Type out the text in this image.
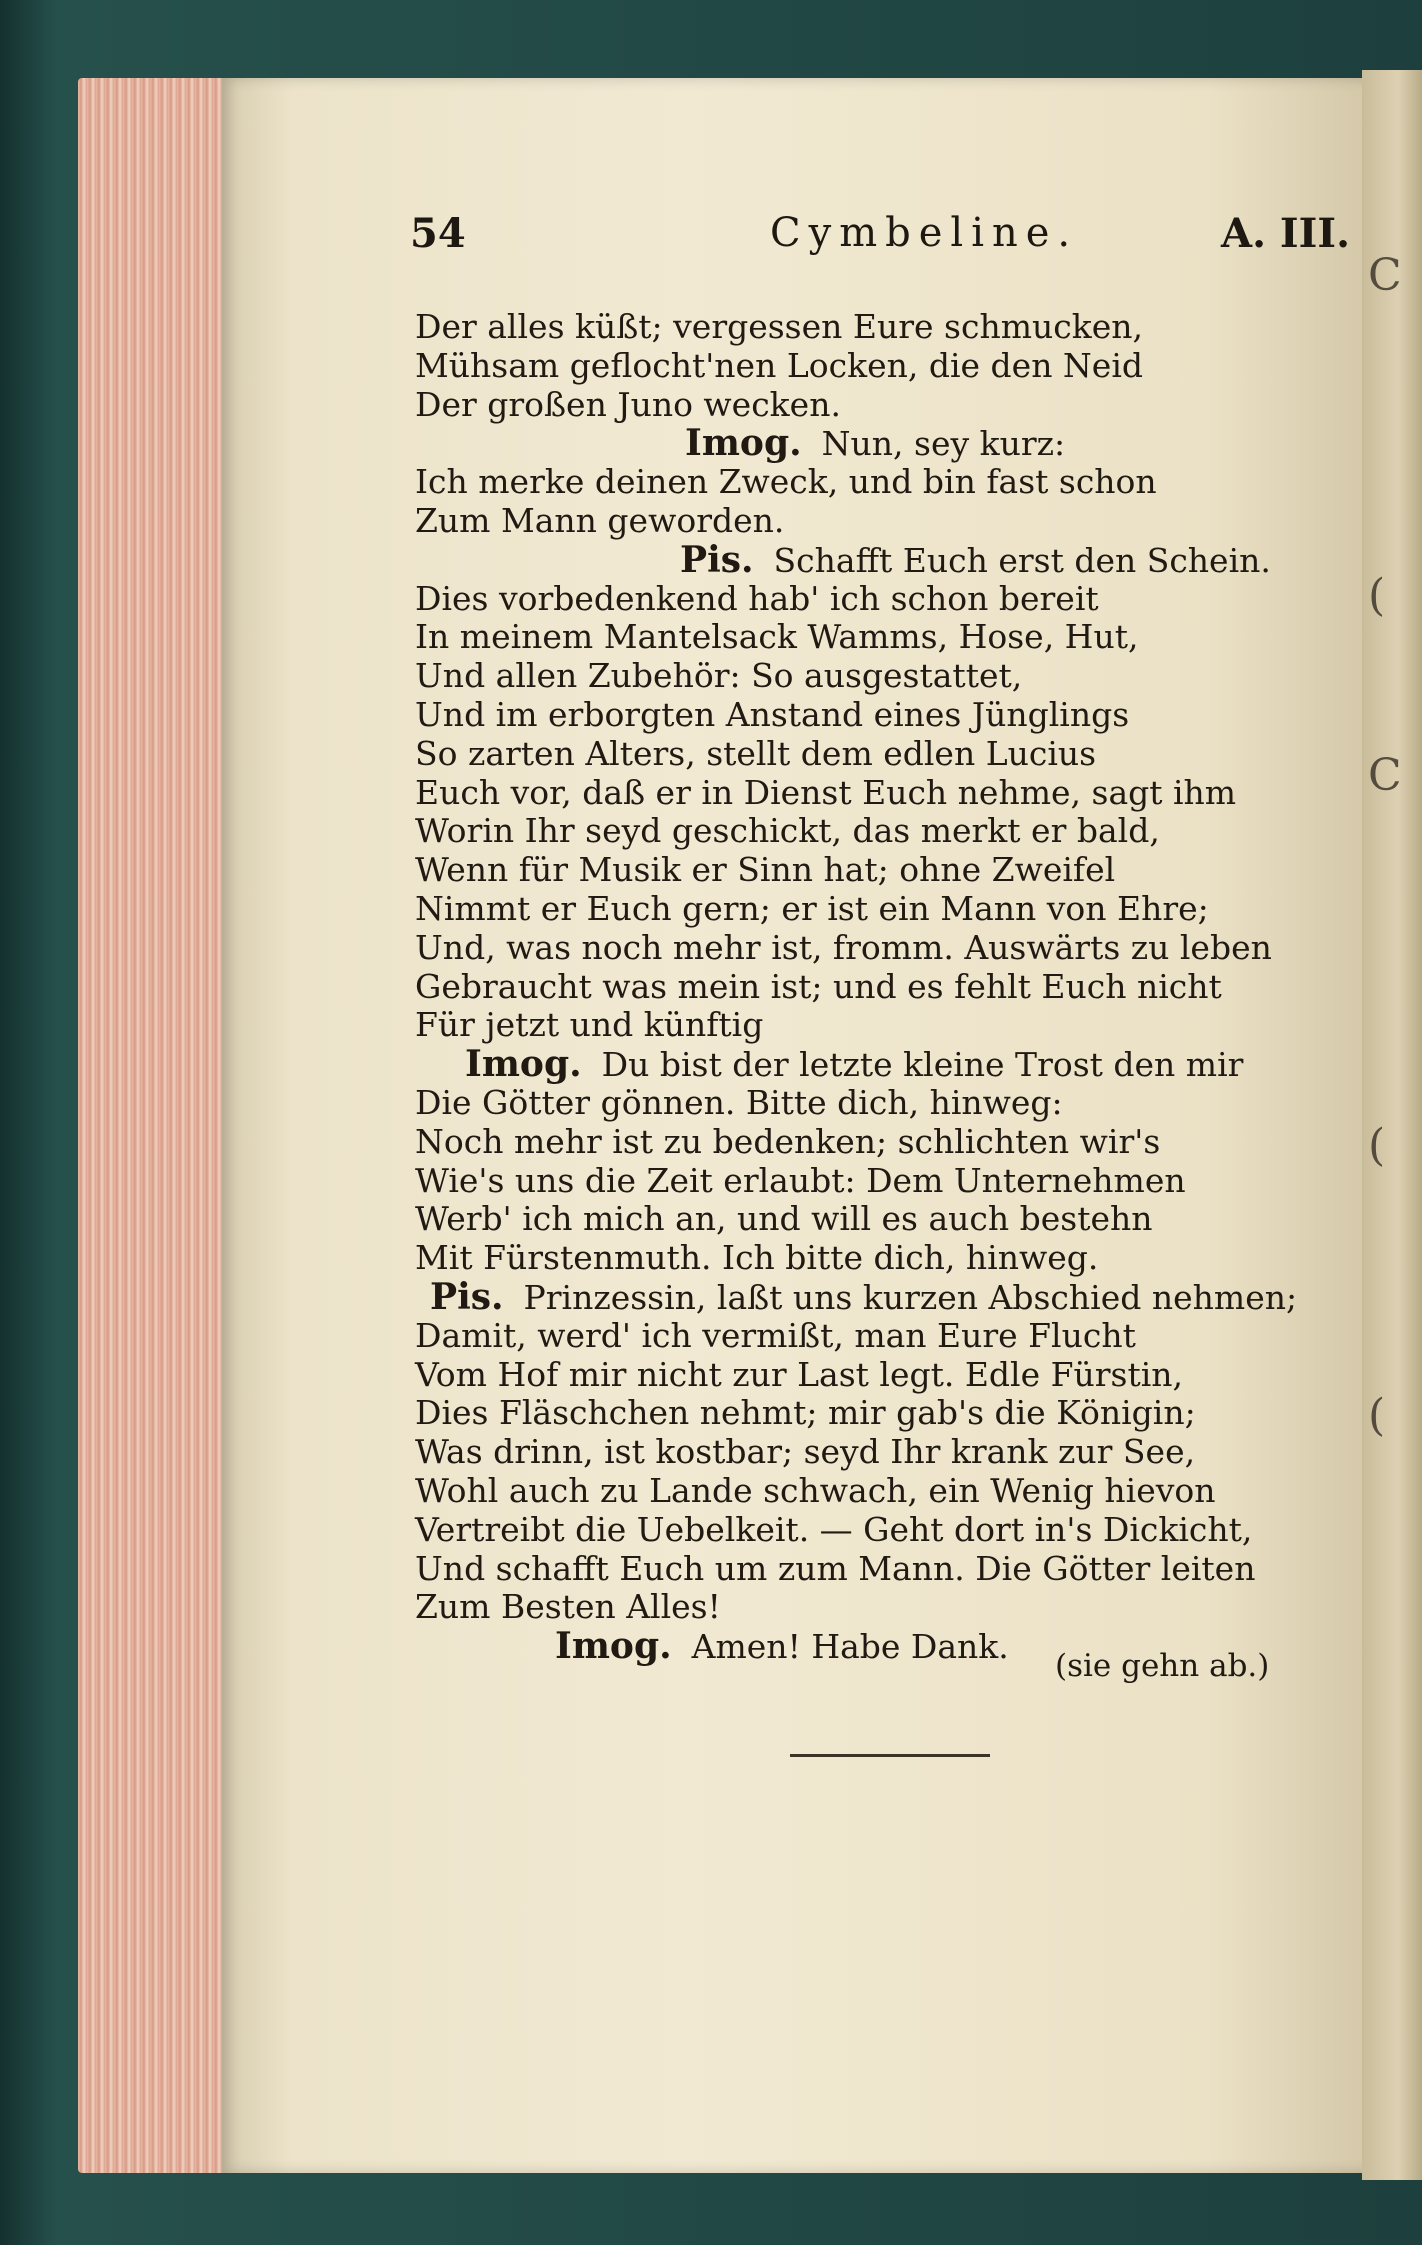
C
(
C
(
(
54	Cymbeline.	A. III.
Der alles küßt; vergessen Eure schmucken,
Mühsam geflocht'nen Locken, die den Neid
Der großen Juno wecken.
Imog. Nun, sey kurz:
Ich merke deinen Zweck, und bin fast schon
Zum Mann geworden.
Pis. Schafft Euch erst den Schein.
Dies vorbedenkend hab' ich schon bereit
In meinem Mantelsack Wamms, Hose, Hut,
Und allen Zubehör: So ausgestattet,
Und im erborgten Anstand eines Jünglings
So zarten Alters, stellt dem edlen Lucius
Euch vor, daß er in Dienst Euch nehme, sagt ihm
Worin Ihr seyd geschickt, das merkt er bald,
Wenn für Musik er Sinn hat; ohne Zweifel
Nimmt er Euch gern; er ist ein Mann von Ehre;
Und, was noch mehr ist, fromm. Auswärts zu leben
Gebraucht was mein ist; und es fehlt Euch nicht
Für jetzt und künftig
Imog. Du bist der letzte kleine Trost den mir
Die Götter gönnen. Bitte dich, hinweg:
Noch mehr ist zu bedenken; schlichten wir's
Wie's uns die Zeit erlaubt: Dem Unternehmen
Werb' ich mich an, und will es auch bestehn
Mit Fürstenmuth. Ich bitte dich, hinweg.
Pis. Prinzessin, laßt uns kurzen Abschied nehmen;
Damit, werd' ich vermißt, man Eure Flucht
Vom Hof mir nicht zur Last legt. Edle Fürstin,
Dies Fläschchen nehmt; mir gab's die Königin;
Was drinn, ist kostbar; seyd Ihr krank zur See,
Wohl auch zu Lande schwach, ein Wenig hievon
Vertreibt die Uebelkeit. — Geht dort in's Dickicht,
Und schafft Euch um zum Mann. Die Götter leiten
Zum Besten Alles!
Imog. Amen! Habe Dank.	(sie gehn ab.)
